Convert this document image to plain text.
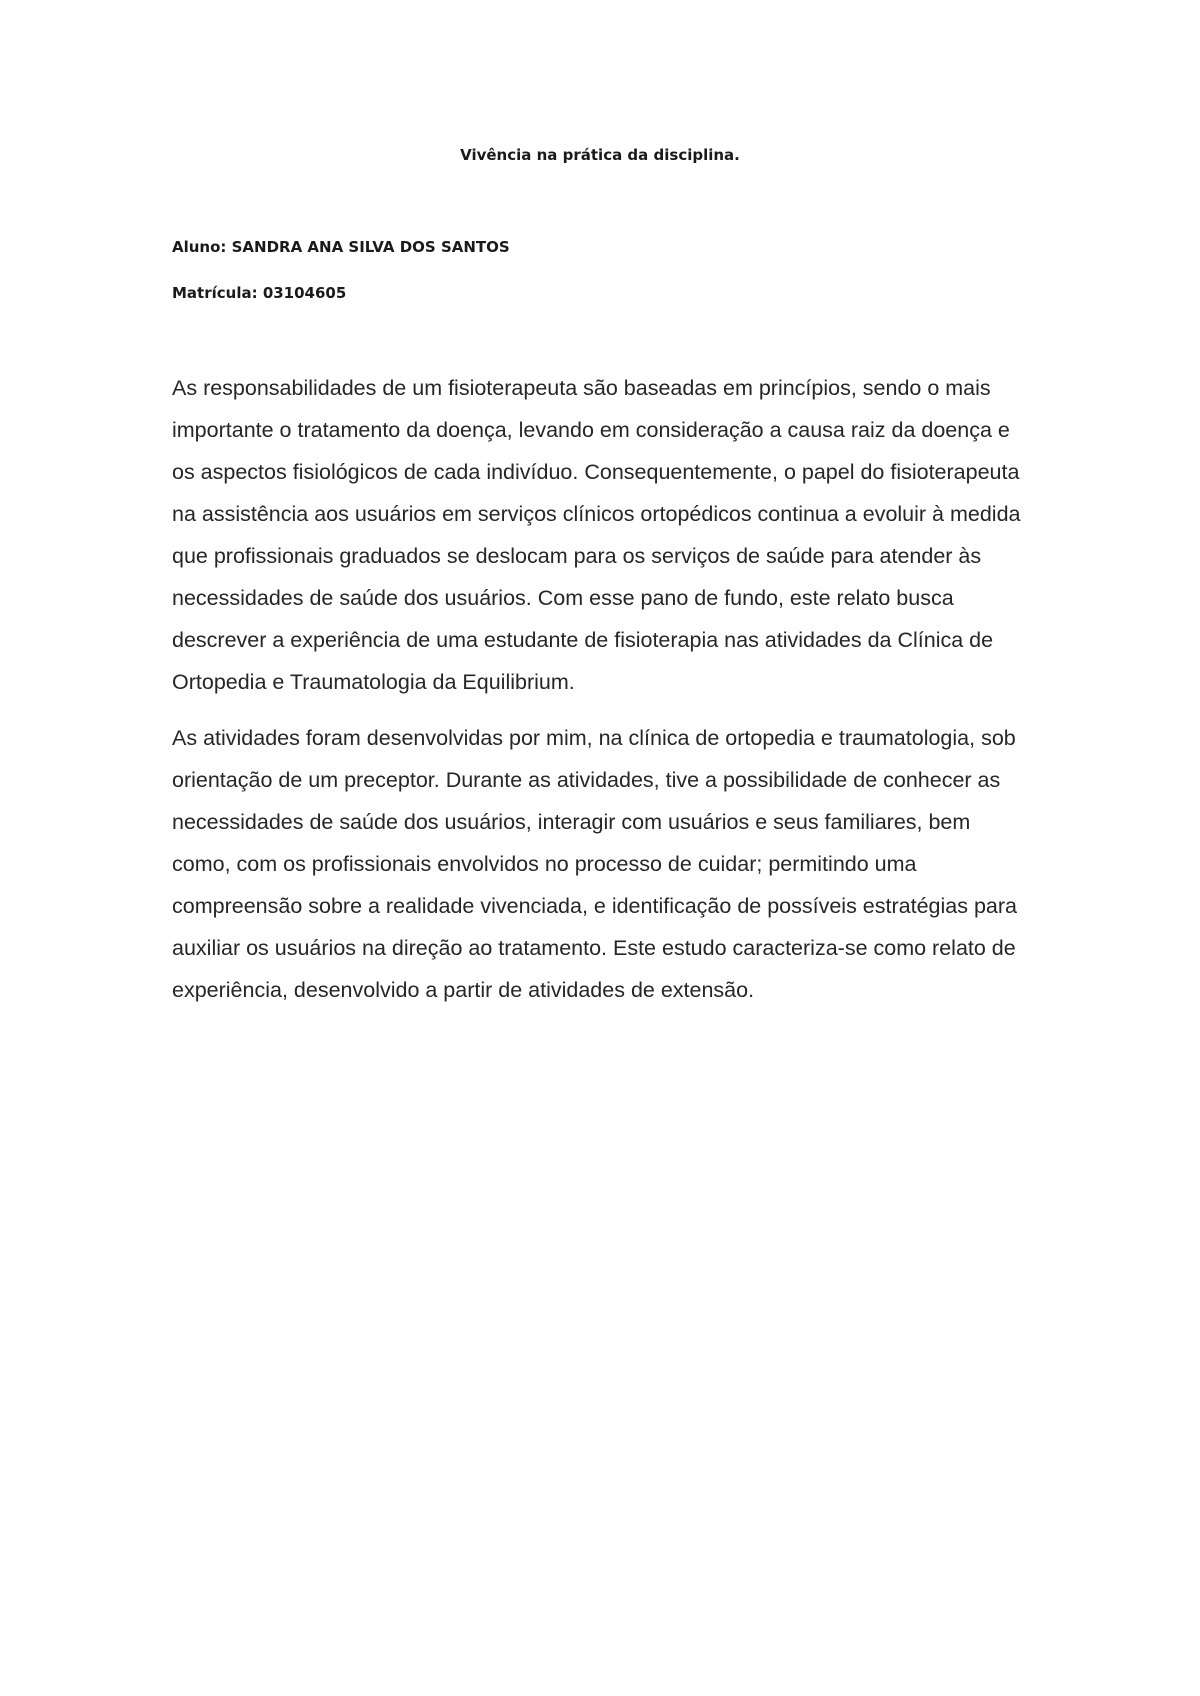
Vivência na prática da disciplina.

Aluno: SANDRA ANA SILVA DOS SANTOS

Matrícula: 03104605

As responsabilidades de um fisioterapeuta são baseadas em princípios, sendo o mais importante o tratamento da doença, levando em consideração a causa raiz da doença e os aspectos fisiológicos de cada indivíduo. Consequentemente, o papel do fisioterapeuta na assistência aos usuários em serviços clínicos ortopédicos continua a evoluir à medida que profissionais graduados se deslocam para os serviços de saúde para atender às necessidades de saúde dos usuários. Com esse pano de fundo, este relato busca descrever a experiência de uma estudante de fisioterapia nas atividades da Clínica de Ortopedia e Traumatologia da Equilibrium.

As atividades foram desenvolvidas por mim, na clínica de ortopedia e traumatologia, sob orientação de um preceptor. Durante as atividades, tive a possibilidade de conhecer as necessidades de saúde dos usuários, interagir com usuários e seus familiares, bem como, com os profissionais envolvidos no processo de cuidar; permitindo uma compreensão sobre a realidade vivenciada, e identificação de possíveis estratégias para auxiliar os usuários na direção ao tratamento. Este estudo caracteriza-se como relato de experiência, desenvolvido a partir de atividades de extensão.
